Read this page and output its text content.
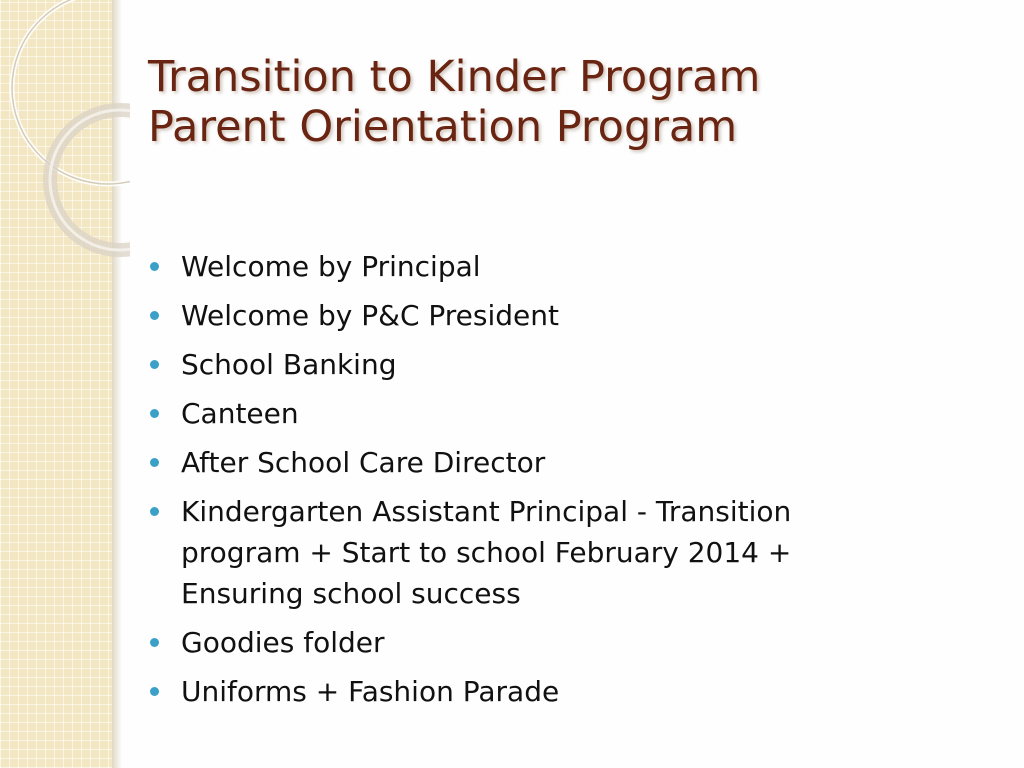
Transition to Kinder Program
Parent Orientation Program
Welcome by Principal
Welcome by P&C President
School Banking
Canteen
After School Care Director
Kindergarten Assistant Principal - Transition program + Start to school February 2014 + Ensuring school success
Goodies folder
Uniforms + Fashion Parade
